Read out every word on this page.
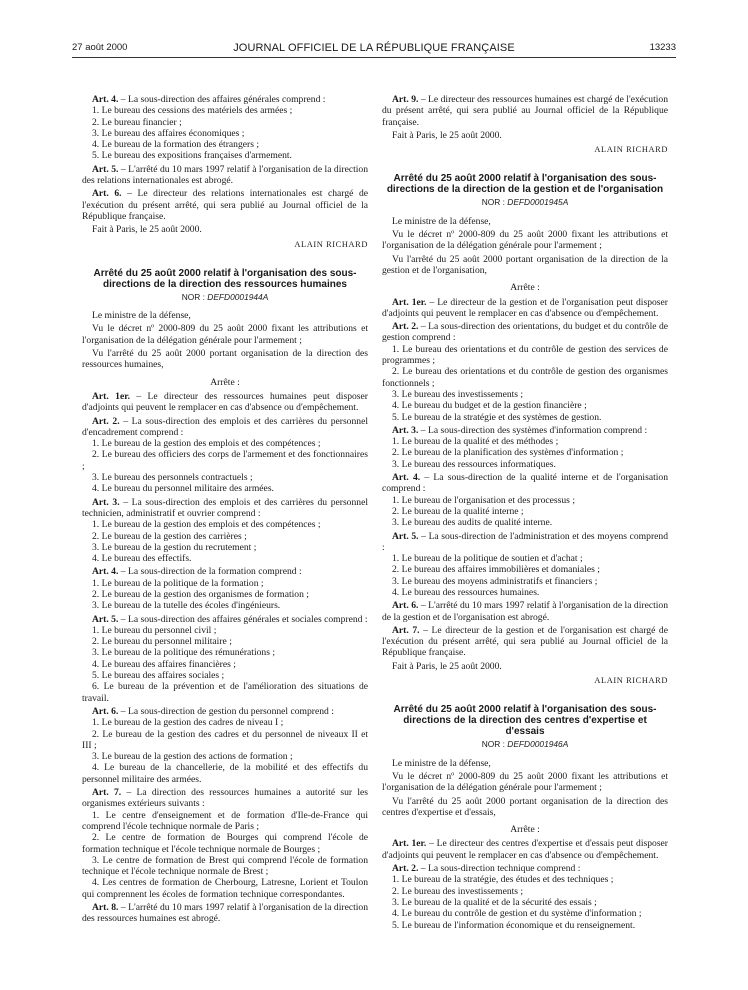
27 août 2000	JOURNAL OFFICIEL DE LA RÉPUBLIQUE FRANÇAISE	13233

Art. 4. – La sous-direction des affaires générales comprend :

1. Le bureau des cessions des matériels des armées ;

2. Le bureau financier ;

3. Le bureau des affaires économiques ;

4. Le bureau de la formation des étrangers ;

5. Le bureau des expositions françaises d'armement.

Art. 5. – L'arrêté du 10 mars 1997 relatif à l'organisation de la direction des relations internationales est abrogé.

Art. 6. – Le directeur des relations internationales est chargé de l'exécution du présent arrêté, qui sera publié au Journal officiel de la République française.

Fait à Paris, le 25 août 2000.

ALAIN RICHARD

Arrêté du 25 août 2000 relatif à l'organisation des sous-directions de la direction des ressources humaines

NOR : DEFD0001944A

Le ministre de la défense,

Vu le décret nº 2000-809 du 25 août 2000 fixant les attributions et l'organisation de la délégation générale pour l'armement ;

Vu l'arrêté du 25 août 2000 portant organisation de la direction des ressources humaines,

Arrête :

Art. 1er. – Le directeur des ressources humaines peut disposer d'adjoints qui peuvent le remplacer en cas d'absence ou d'empêchement.

Art. 2. – La sous-direction des emplois et des carrières du personnel d'encadrement comprend :

1. Le bureau de la gestion des emplois et des compétences ;

2. Le bureau des officiers des corps de l'armement et des fonctionnaires ;

3. Le bureau des personnels contractuels ;

4. Le bureau du personnel militaire des armées.

Art. 3. – La sous-direction des emplois et des carrières du personnel technicien, administratif et ouvrier comprend :

1. Le bureau de la gestion des emplois et des compétences ;

2. Le bureau de la gestion des carrières ;

3. Le bureau de la gestion du recrutement ;

4. Le bureau des effectifs.

Art. 4. – La sous-direction de la formation comprend :

1. Le bureau de la politique de la formation ;

2. Le bureau de la gestion des organismes de formation ;

3. Le bureau de la tutelle des écoles d'ingénieurs.

Art. 5. – La sous-direction des affaires générales et sociales comprend :

1. Le bureau du personnel civil ;

2. Le bureau du personnel militaire ;

3. Le bureau de la politique des rémunérations ;

4. Le bureau des affaires financières ;

5. Le bureau des affaires sociales ;

6. Le bureau de la prévention et de l'amélioration des situations de travail.

Art. 6. – La sous-direction de gestion du personnel comprend :

1. Le bureau de la gestion des cadres de niveau I ;

2. Le bureau de la gestion des cadres et du personnel de niveaux II et III ;

3. Le bureau de la gestion des actions de formation ;

4. Le bureau de la chancellerie, de la mobilité et des effectifs du personnel militaire des armées.

Art. 7. – La direction des ressources humaines a autorité sur les organismes extérieurs suivants :

1. Le centre d'enseignement et de formation d'Ile-de-France qui comprend l'école technique normale de Paris ;

2. Le centre de formation de Bourges qui comprend l'école de formation technique et l'école technique normale de Bourges ;

3. Le centre de formation de Brest qui comprend l'école de formation technique et l'école technique normale de Brest ;

4. Les centres de formation de Cherbourg, Latresne, Lorient et Toulon qui comprennent les écoles de formation technique correspondantes.

Art. 8. – L'arrêté du 10 mars 1997 relatif à l'organisation de la direction des ressources humaines est abrogé.

Art. 9. – Le directeur des ressources humaines est chargé de l'exécution du présent arrêté, qui sera publié au Journal officiel de la République française.

Fait à Paris, le 25 août 2000.

ALAIN RICHARD

Arrêté du 25 août 2000 relatif à l'organisation des sous-directions de la direction de la gestion et de l'organisation

NOR : DEFD0001945A

Le ministre de la défense,

Vu le décret nº 2000-809 du 25 août 2000 fixant les attributions et l'organisation de la délégation générale pour l'armement ;

Vu l'arrêté du 25 août 2000 portant organisation de la direction de la gestion et de l'organisation,

Arrête :

Art. 1er. – Le directeur de la gestion et de l'organisation peut disposer d'adjoints qui peuvent le remplacer en cas d'absence ou d'empêchement.

Art. 2. – La sous-direction des orientations, du budget et du contrôle de gestion comprend :

1. Le bureau des orientations et du contrôle de gestion des services de programmes ;

2. Le bureau des orientations et du contrôle de gestion des organismes fonctionnels ;

3. Le bureau des investissements ;

4. Le bureau du budget et de la gestion financière ;

5. Le bureau de la stratégie et des systèmes de gestion.

Art. 3. – La sous-direction des systèmes d'information comprend :

1. Le bureau de la qualité et des méthodes ;

2. Le bureau de la planification des systèmes d'information ;

3. Le bureau des ressources informatiques.

Art. 4. – La sous-direction de la qualité interne et de l'organisation comprend :

1. Le bureau de l'organisation et des processus ;

2. Le bureau de la qualité interne ;

3. Le bureau des audits de qualité interne.

Art. 5. – La sous-direction de l'administration et des moyens comprend :

1. Le bureau de la politique de soutien et d'achat ;

2. Le bureau des affaires immobilières et domaniales ;

3. Le bureau des moyens administratifs et financiers ;

4. Le bureau des ressources humaines.

Art. 6. – L'arrêté du 10 mars 1997 relatif à l'organisation de la direction de la gestion et de l'organisation est abrogé.

Art. 7. – Le directeur de la gestion et de l'organisation est chargé de l'exécution du présent arrêté, qui sera publié au Journal officiel de la République française.

Fait à Paris, le 25 août 2000.

ALAIN RICHARD

Arrêté du 25 août 2000 relatif à l'organisation des sous-directions de la direction des centres d'expertise et d'essais

NOR : DEFD0001946A

Le ministre de la défense,

Vu le décret nº 2000-809 du 25 août 2000 fixant les attributions et l'organisation de la délégation générale pour l'armement ;

Vu l'arrêté du 25 août 2000 portant organisation de la direction des centres d'expertise et d'essais,

Arrête :

Art. 1er. – Le directeur des centres d'expertise et d'essais peut disposer d'adjoints qui peuvent le remplacer en cas d'absence ou d'empêchement.

Art. 2. – La sous-direction technique comprend :

1. Le bureau de la stratégie, des études et des techniques ;

2. Le bureau des investissements ;

3. Le bureau de la qualité et de la sécurité des essais ;

4. Le bureau du contrôle de gestion et du système d'information ;

5. Le bureau de l'information économique et du renseignement.
